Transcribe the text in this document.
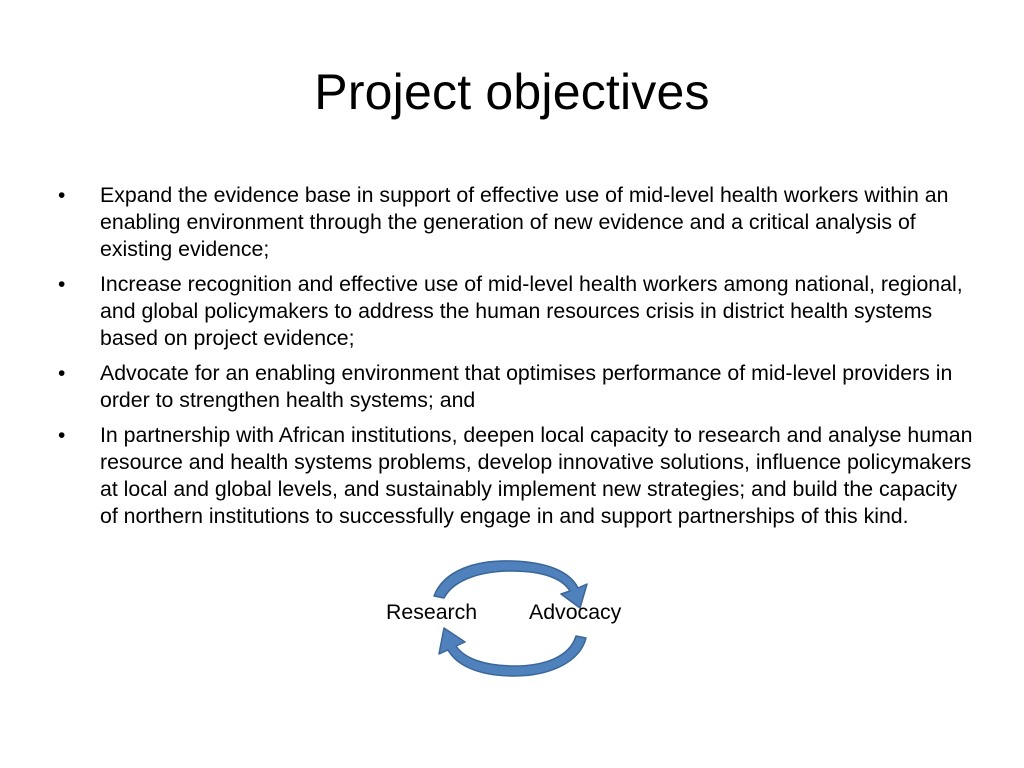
Project objectives
• Expand the evidence base in support of effective use of mid-level health workers within an enabling environment through the generation of new evidence and a critical analysis of existing evidence;
• Increase recognition and effective use of mid-level health workers among national, regional, and global policymakers to address the human resources crisis in district health systems based on project evidence;
• Advocate for an enabling environment that optimises performance of mid-level providers in order to strengthen health systems; and
• In partnership with African institutions, deepen local capacity to research and analyse human resource and health systems problems, develop innovative solutions, influence policymakers at local and global levels, and sustainably implement new strategies; and build the capacity of northern institutions to successfully engage in and support partnerships of this kind.
Research Advocacy
